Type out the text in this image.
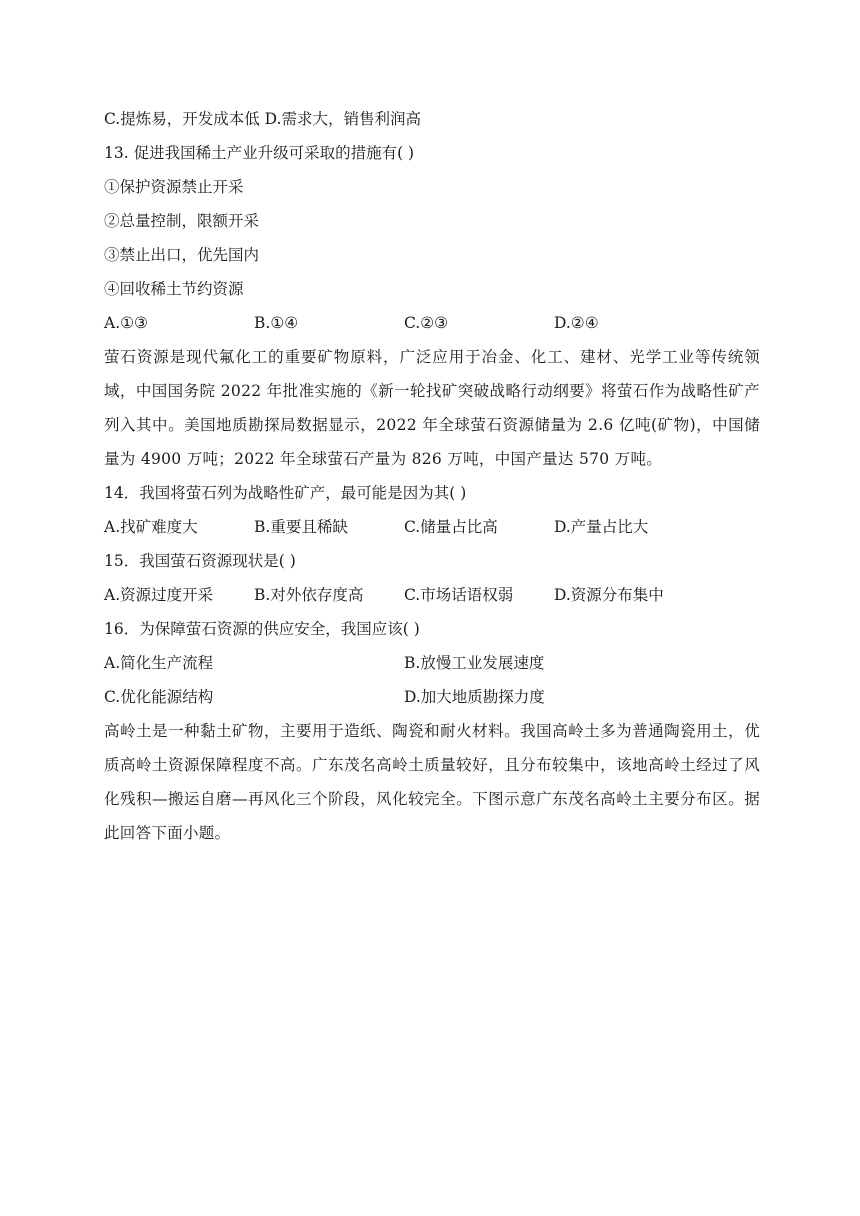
C.提炼易，开发成本低 D.需求大，销售利润高
13. 促进我国稀土产业升级可采取的措施有( )
①保护资源禁止开采
②总量控制，限额开采
③禁止出口，优先国内
④回收稀土节约资源
A.①③	B.①④	C.②③	D.②④
萤石资源是现代氟化工的重要矿物原料，广泛应用于冶金、化工、建材、光学工业等传统领域，中国国务院 2022 年批准实施的《新一轮找矿突破战略行动纲要》将萤石作为战略性矿产列入其中。美国地质勘探局数据显示，2022 年全球萤石资源储量为 2.6 亿吨(矿物)，中国储量为 4900 万吨；2022 年全球萤石产量为 826 万吨，中国产量达 570 万吨。
14．我国将萤石列为战略性矿产，最可能是因为其( )
A.找矿难度大	B.重要且稀缺	C.储量占比高	D.产量占比大
15．我国萤石资源现状是( )
A.资源过度开采	B.对外依存度高	C.市场话语权弱	D.资源分布集中
16．为保障萤石资源的供应安全，我国应该( )
A.简化生产流程	B.放慢工业发展速度
C.优化能源结构	D.加大地质勘探力度
高岭土是一种黏土矿物，主要用于造纸、陶瓷和耐火材料。我国高岭土多为普通陶瓷用土，优质高岭土资源保障程度不高。广东茂名高岭土质量较好，且分布较集中，该地高岭土经过了风化残积—搬运自磨—再风化三个阶段，风化较完全。下图示意广东茂名高岭土主要分布区。据此回答下面小题。
